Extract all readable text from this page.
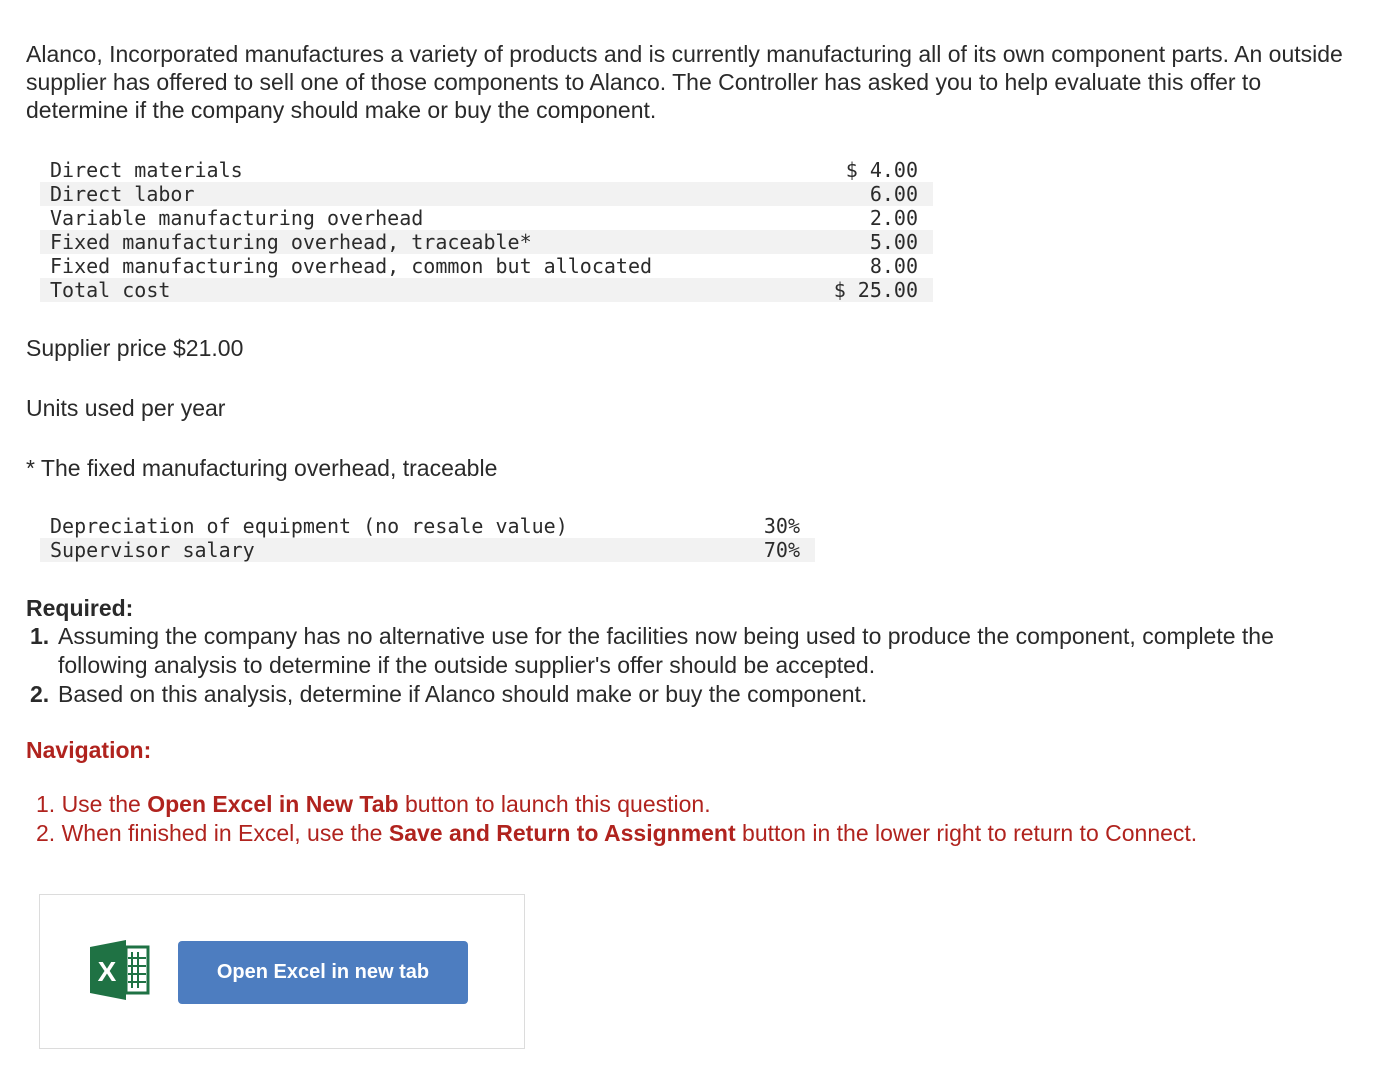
Alanco, Incorporated manufactures a variety of products and is currently manufacturing all of its own component parts. An outside supplier has offered to sell one of those components to Alanco. The Controller has asked you to help evaluate this offer to determine if the company should make or buy the component.

Direct materials	$ 4.00
Direct labor	6.00
Variable manufacturing overhead	2.00
Fixed manufacturing overhead, traceable*	5.00
Fixed manufacturing overhead, common but allocated	8.00
Total cost	$ 25.00

Supplier price $21.00

Units used per year

* The fixed manufacturing overhead, traceable

Depreciation of equipment (no resale value)	30%
Supervisor salary	70%
Required:
1. Assuming the company has no alternative use for the facilities now being used to produce the component, complete the following analysis to determine if the outside supplier's offer should be accepted.
2. Based on this analysis, determine if Alanco should make or buy the component.
Navigation:
1. Use the Open Excel in New Tab button to launch this question.
2. When finished in Excel, use the Save and Return to Assignment button in the lower right to return to Connect.
X	Open Excel in new tab
